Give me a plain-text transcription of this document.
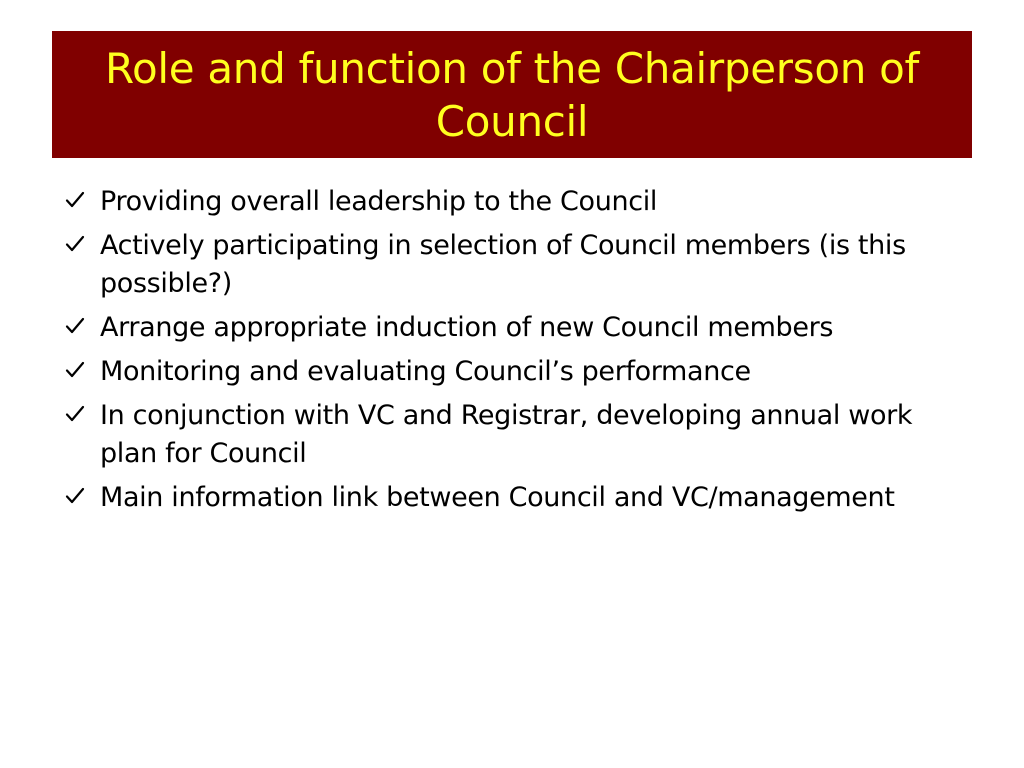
Role and function of the Chairperson of Council
Providing overall leadership to the Council
Actively participating in selection of Council members (is this possible?)
Arrange appropriate induction of new Council members
Monitoring and evaluating Council’s performance
In conjunction with VC and Registrar, developing annual work plan for Council
Main information link between Council and VC/management
